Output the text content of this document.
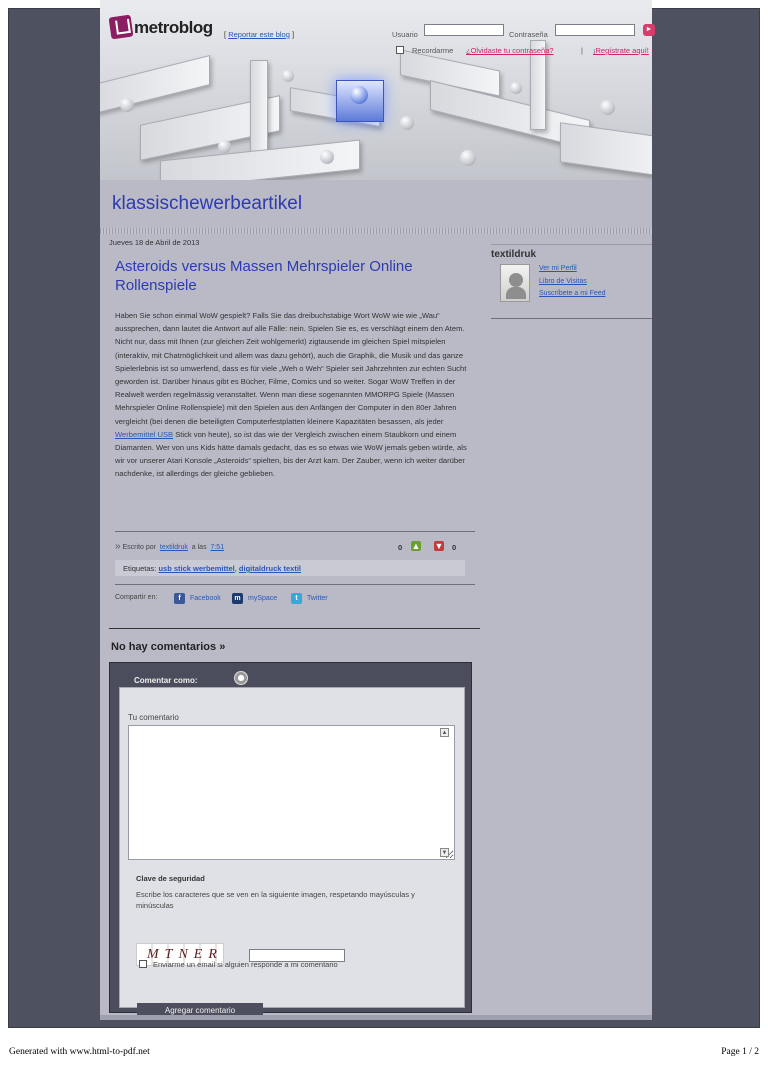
metroblog [ Reportar este blog ]	Usuario	Contraseña
►
Recordarme ¿Olvidaste tu contraseña?	| ¡Regístrate aquí!
klassischewerbeartikel
Jueves 18 de Abril de 2013
Asteroids versus Massen Mehrspieler Online Rollenspiele
Haben Sie schon einmal WoW gespielt? Falls Sie das dreibuchstabige Wort WoW wie wie „Wau“ aussprechen, dann lautet die Antwort auf alle Fälle: nein. Spielen Sie es, es verschlägt einem den Atem. Nicht nur, dass mit Ihnen (zur gleichen Zeit wohlgemerkt) zigtausende im gleichen Spiel mitspielen (interaktiv, mit Chatmöglichkeit und allem was dazu gehört), auch die Graphik, die Musik und das ganze Spielerlebnis ist so umwerfend, dass es für viele „Weh o Weh“ Spieler seit Jahrzehnten zur echten Sucht geworden ist. Darüber hinaus gibt es Bücher, Filme, Comics und so weiter. Sogar WoW Treffen in der Realwelt werden regelmässig veranstaltet. Wenn man diese sogenannten MMORPG Spiele (Massen Mehrspieler Online Rollenspiele) mit den Spielen aus den Anfängen der Computer in den 80er Jahren vergleicht (bei denen die beteiligten Computerfestplatten kleinere Kapazitäten besassen, als jeder Werbemittel USB Stick von heute), so ist das wie der Vergleich zwischen einem Staubkorn und einem Diamanten. Wer von uns Kids hätte damals gedacht, das es so etwas wie WoW jemals geben würde, als wir vor unserer Atari Konsole „Asteroids“ spielten, bis der Arzt kam. Der Zauber, wenn ich weiter darüber nachdenke, ist allerdings der gleiche geblieben.
» Escrito por textildruk a las 7:51	0 ▲ ▼ 0
Etiquetas: usb stick werbemittel, digitaldruck textil
Compartir en:	f	Facebook	m	mySpace	t	Twitter
No hay comentarios »
Comentar como:
Tu comentario
▲
▼
Clave de seguridad
Escribe los caracteres que se ven en la siguiente imagen, respetando mayúsculas y minúsculas
MTNER
Enviarme un email si alguien responde a mi comentario
Agregar comentario
textildruk
Ver mi Perfil
Libro de Visitas
Suscríbete a mi Feed
Generated with www.html-to-pdf.net	Page 1 / 2
